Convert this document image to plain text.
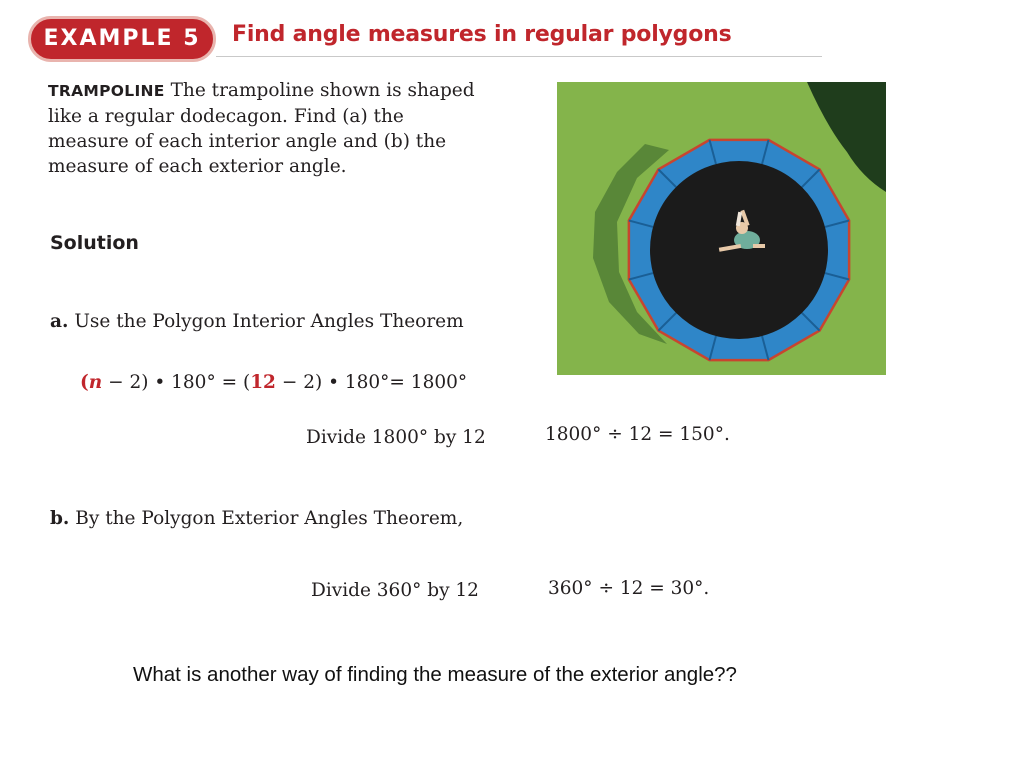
EXAMPLE 5	Find angle measures in regular polygons
TRAMPOLINE The trampoline shown is shaped like a regular dodecagon. Find (a) the measure of each interior angle and (b) the measure of each exterior angle.
Solution
a. Use the Polygon Interior Angles Theorem
(n − 2) • 180° = (12 − 2) • 180°= 1800°
Divide 1800° by 12	1800° ÷ 12 = 150°.
b. By the Polygon Exterior Angles Theorem,
Divide 360° by 12	360° ÷ 12 = 30°.
What is another way of finding the measure of the exterior angle??
